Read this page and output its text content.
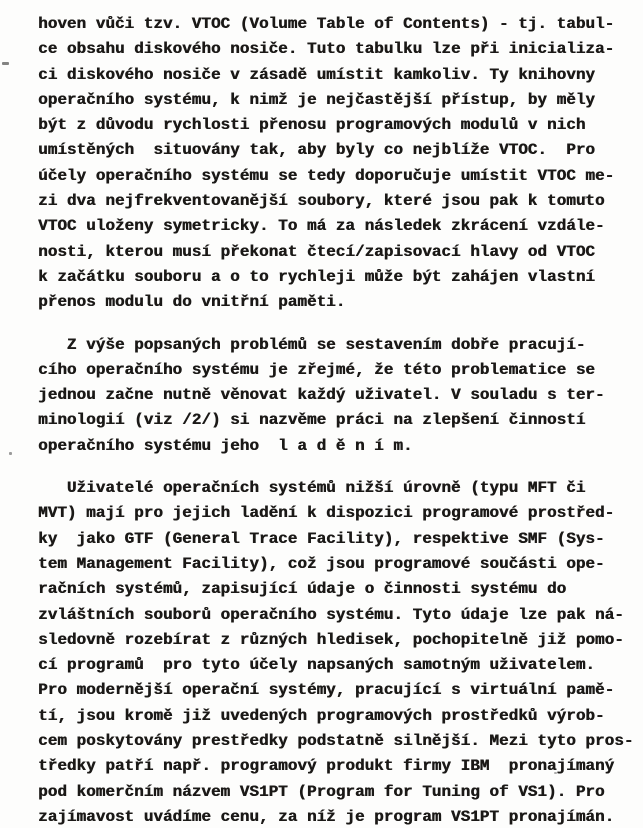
hoven vůči tzv. VTOC (Volume Table of Contents) - tj. tabul-
ce obsahu diskového nosiče. Tuto tabulku lze při inicializa-
ci diskového nosiče v zásadě umístit kamkoliv. Ty knihovny
operačního systému, k nimž je nejčastější přístup, by měly
být z důvodu rychlosti přenosu programových modulů v nich
umístěných  situovány tak, aby byly co nejblíže VTOC.  Pro
účely operačního systému se tedy doporučuje umístit VTOC me-
zi dva nejfrekventovanější soubory, které jsou pak k tomuto
VTOC uloženy symetricky. To má za následek zkrácení vzdále-
nosti, kterou musí překonat čtecí/zapisovací hlavy od VTOC
k začátku souboru a o to rychleji může být zahájen vlastní
přenos modulu do vnitřní paměti.
Z výše popsaných problémů se sestavením dobře pracují-
cího operačního systému je zřejmé, že této problematice se
jednou začne nutně věnovat každý uživatel. V souladu s ter-
minologií (viz /2/) si nazvěme práci na zlepšení činností
operačního systému jeho  l a d ě n í m.
Uživatelé operačních systémů nižší úrovně (typu MFT či
MVT) mají pro jejich ladění k dispozici programové prostřed-
ky  jako GTF (General Trace Facility), respektive SMF (Sys-
tem Management Facility), což jsou programové součásti ope-
račních systémů, zapisující údaje o činnosti systému do
zvláštních souborů operačního systému. Tyto údaje lze pak ná-
sledovně rozebírat z různých hledisek, pochopitelně již pomo-
cí programů  pro tyto účely napsaných samotným uživatelem.
Pro modernější operační systémy, pracující s virtuální pamě-
tí, jsou kromě již uvedených programových prostředků výrob-
cem poskytovány prestředky podstatně silnější. Mezi tyto pros-
tředky patří např. programový produkt firmy IBM  pronajímaný
pod komerčním názvem VS1PT (Program for Tuning of VS1). Pro
zajímavost uvádíme cenu, za níž je program VS1PT pronajímán.
